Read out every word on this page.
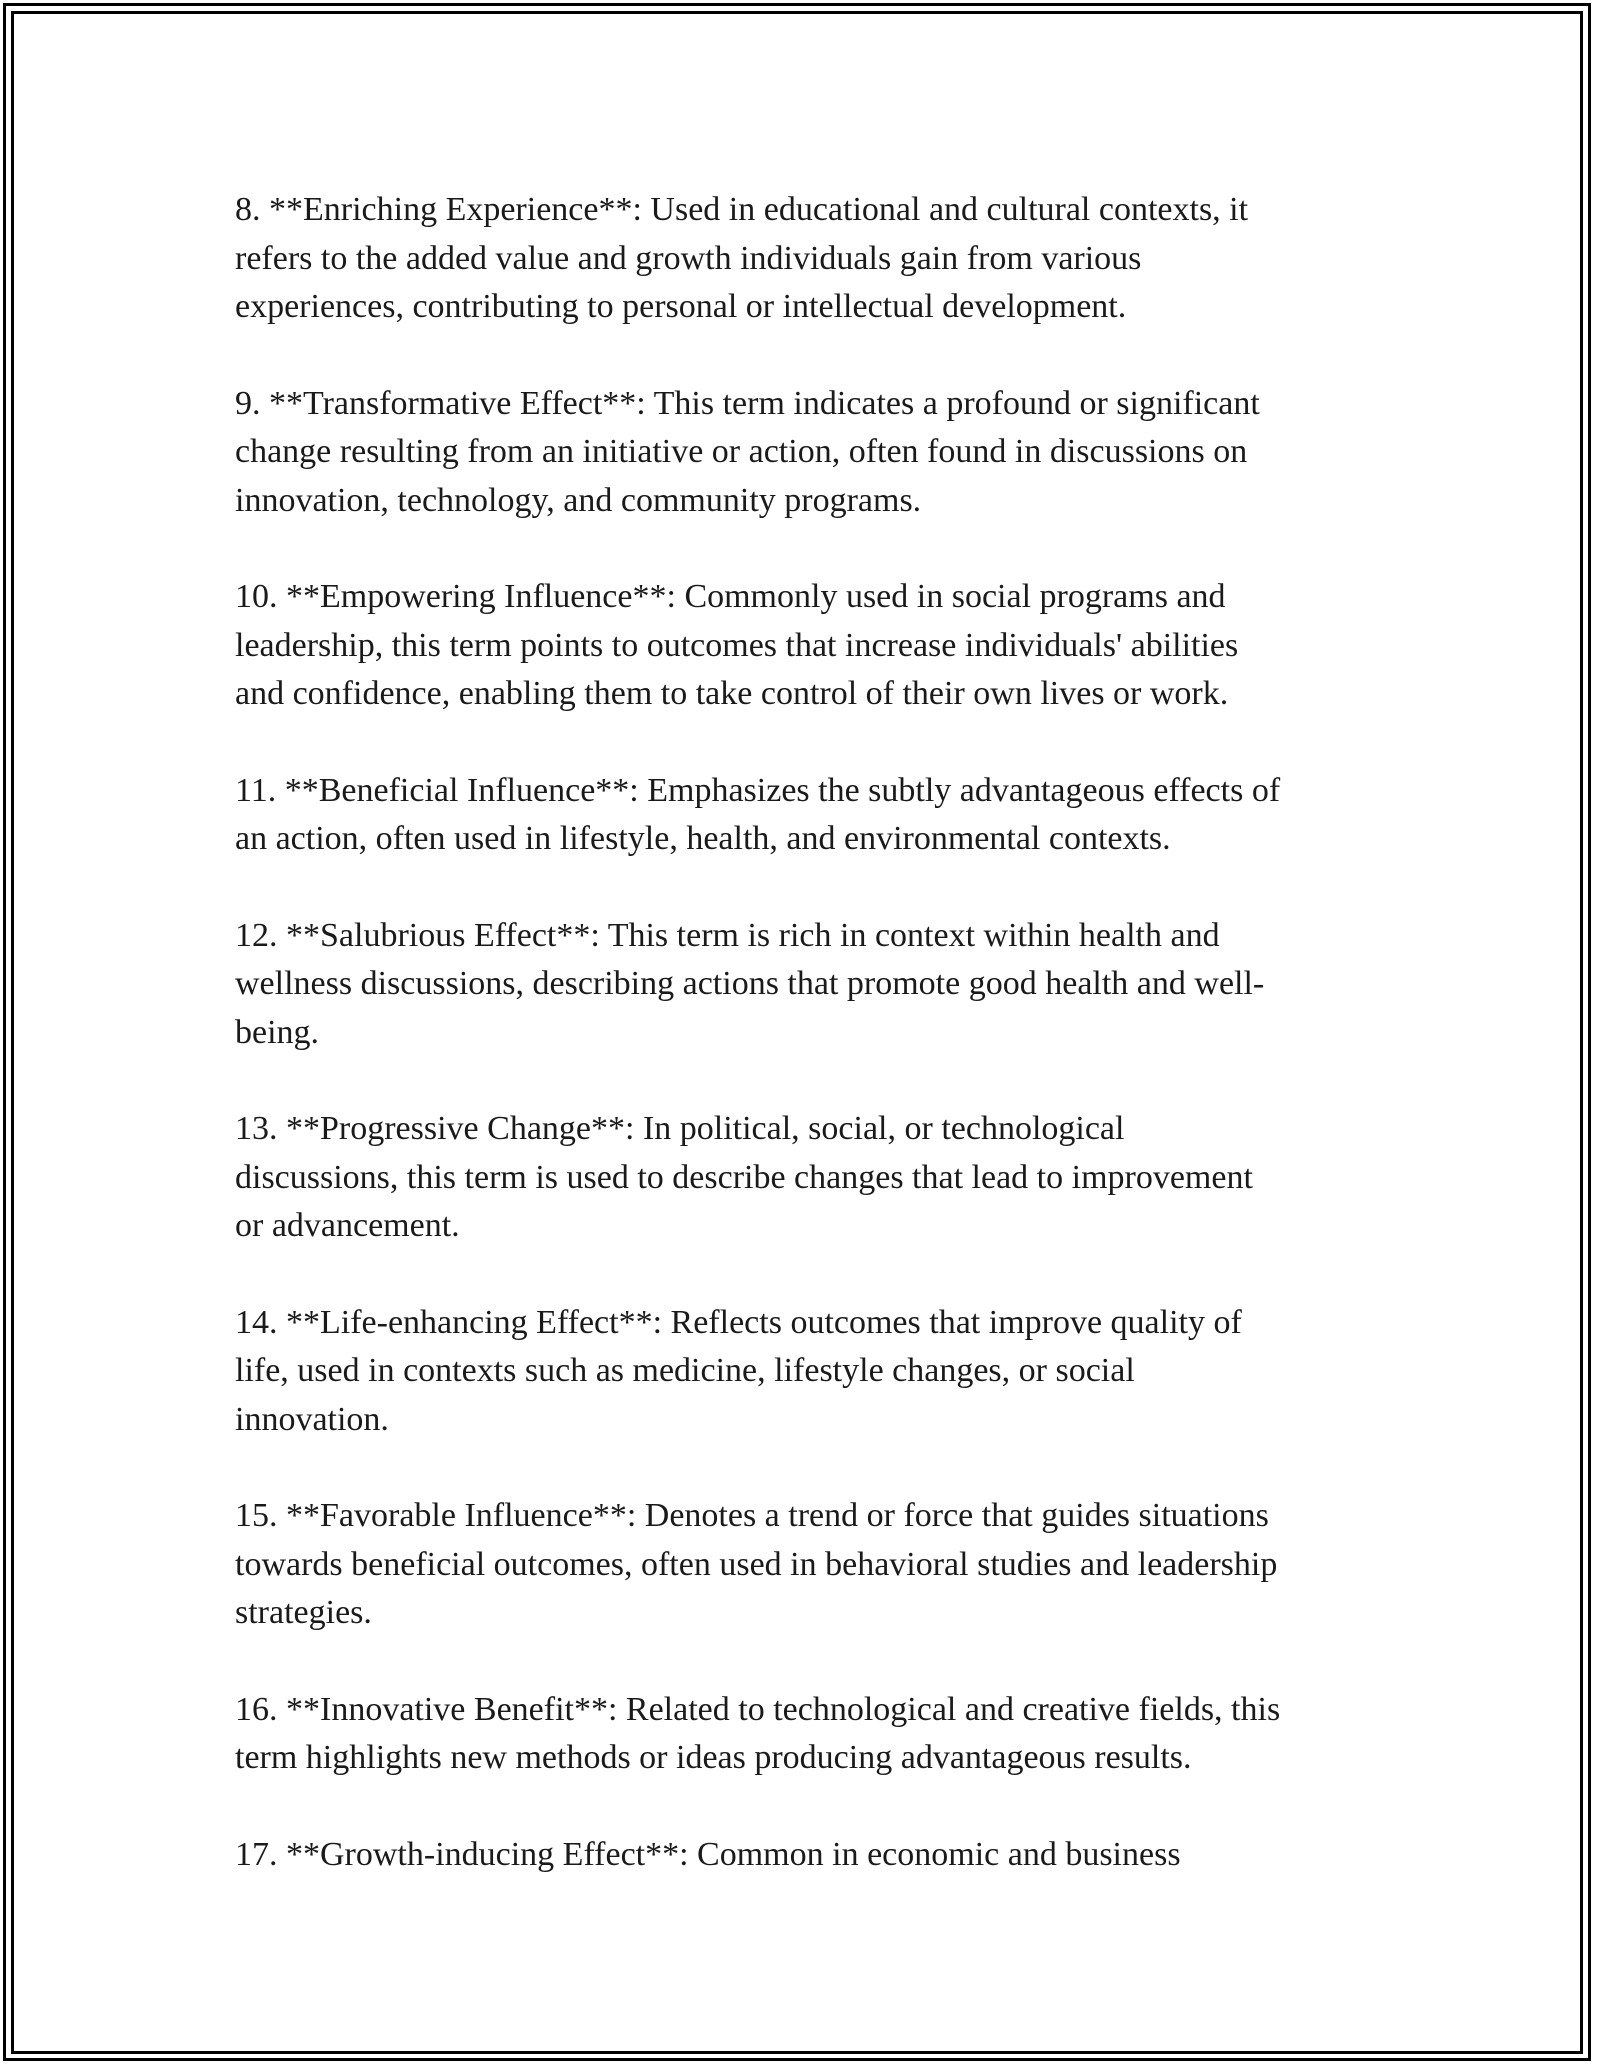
8. **Enriching Experience**: Used in educational and cultural contexts, it
refers to the added value and growth individuals gain from various
experiences, contributing to personal or intellectual development.

9. **Transformative Effect**: This term indicates a profound or significant
change resulting from an initiative or action, often found in discussions on
innovation, technology, and community programs.

10. **Empowering Influence**: Commonly used in social programs and
leadership, this term points to outcomes that increase individuals' abilities
and confidence, enabling them to take control of their own lives or work.

11. **Beneficial Influence**: Emphasizes the subtly advantageous effects of
an action, often used in lifestyle, health, and environmental contexts.

12. **Salubrious Effect**: This term is rich in context within health and
wellness discussions, describing actions that promote good health and well-
being.

13. **Progressive Change**: In political, social, or technological
discussions, this term is used to describe changes that lead to improvement
or advancement.

14. **Life-enhancing Effect**: Reflects outcomes that improve quality of
life, used in contexts such as medicine, lifestyle changes, or social
innovation.

15. **Favorable Influence**: Denotes a trend or force that guides situations
towards beneficial outcomes, often used in behavioral studies and leadership
strategies.

16. **Innovative Benefit**: Related to technological and creative fields, this
term highlights new methods or ideas producing advantageous results.

17. **Growth-inducing Effect**: Common in economic and business
